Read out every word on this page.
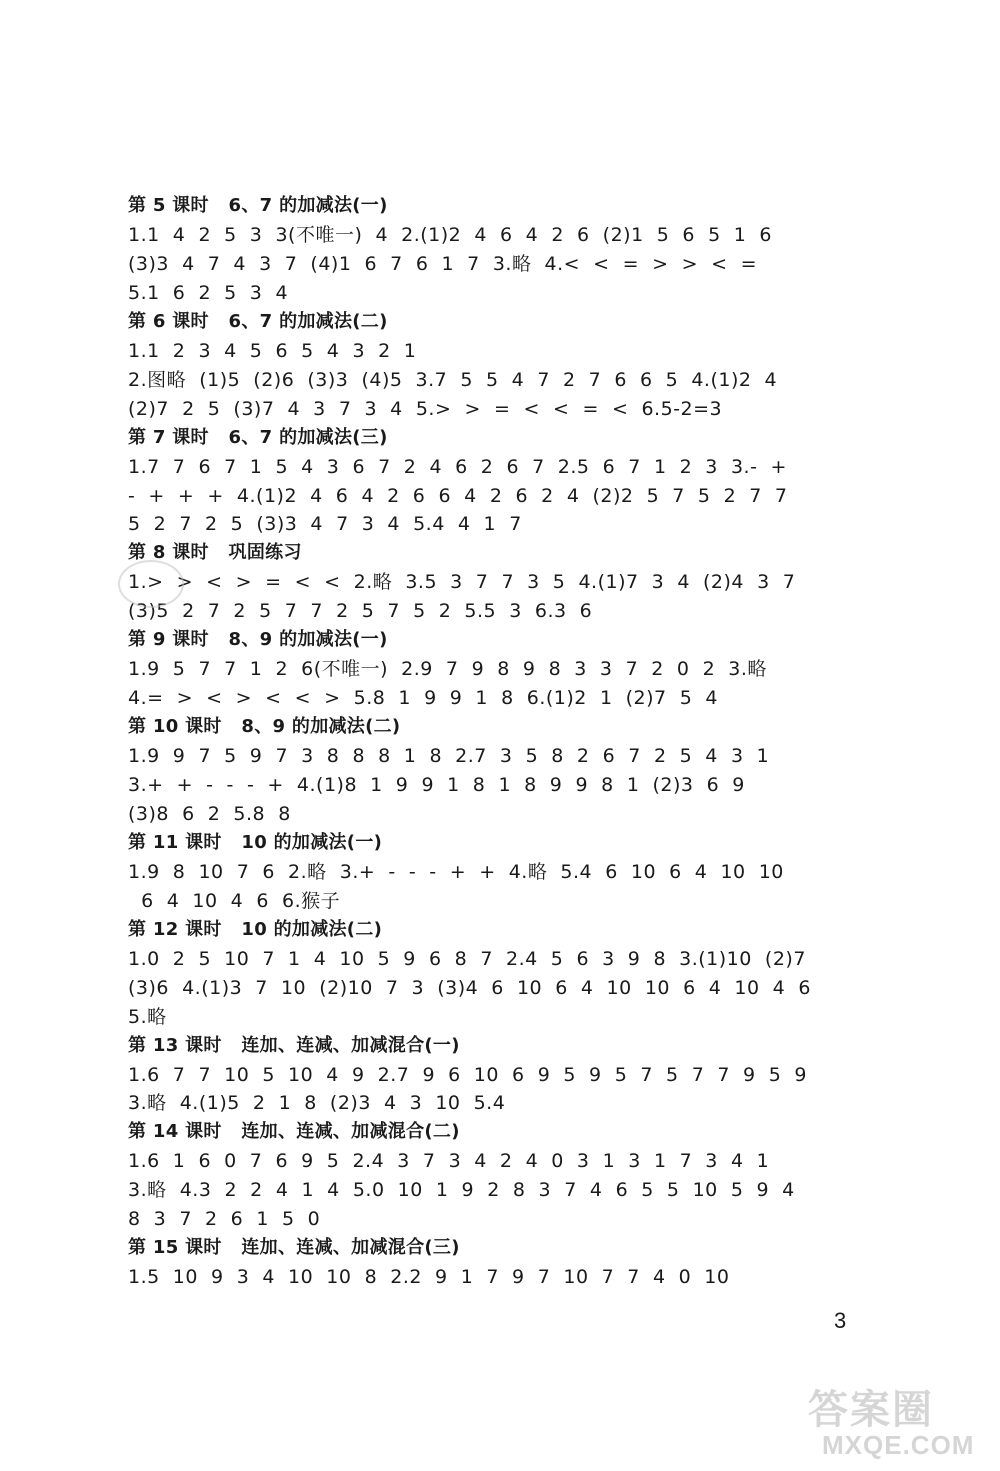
第 5 课时   6、7 的加减法(一)
1.1  4  2  5  3  3(不唯一)  4  2.(1)2  4  6  4  2  6  (2)1  5  6  5  1  6
(3)3  4  7  4  3  7  (4)1  6  7  6  1  7  3.略  4.<  <  =  >  >  <  =
5.1  6  2  5  3  4
第 6 课时   6、7 的加减法(二)
1.1  2  3  4  5  6  5  4  3  2  1
2.图略  (1)5  (2)6  (3)3  (4)5  3.7  5  5  4  7  2  7  6  6  5  4.(1)2  4
(2)7  2  5  (3)7  4  3  7  3  4  5.>  >  =  <  <  =  <  6.5-2=3
第 7 课时   6、7 的加减法(三)
1.7  7  6  7  1  5  4  3  6  7  2  4  6  2  6  7  2.5  6  7  1  2  3  3.-  +
-  +  +  +  4.(1)2  4  6  4  2  6  6  4  2  6  2  4  (2)2  5  7  5  2  7  7
5  2  7  2  5  (3)3  4  7  3  4  5.4  4  1  7
第 8 课时   巩固练习
1.>  >  <  >  =  <  <  2.略  3.5  3  7  7  3  5  4.(1)7  3  4  (2)4  3  7
(3)5  2  7  2  5  7  7  2  5  7  5  2  5.5  3  6.3  6
第 9 课时   8、9 的加减法(一)
1.9  5  7  7  1  2  6(不唯一)  2.9  7  9  8  9  8  3  3  7  2  0  2  3.略
4.=  >  <  >  <  <  >  5.8  1  9  9  1  8  6.(1)2  1  (2)7  5  4
第 10 课时   8、9 的加减法(二)
1.9  9  7  5  9  7  3  8  8  8  1  8  2.7  3  5  8  2  6  7  2  5  4  3  1
3.+  +  -  -  -  +  4.(1)8  1  9  9  1  8  1  8  9  9  8  1  (2)3  6  9
(3)8  6  2  5.8  8
第 11 课时   10 的加减法(一)
1.9  8  10  7  6  2.略  3.+  -  -  -  +  +  4.略  5.4  6  10  6  4  10  10
6  4  10  4  6  6.猴子
第 12 课时   10 的加减法(二)
1.0  2  5  10  7  1  4  10  5  9  6  8  7  2.4  5  6  3  9  8  3.(1)10  (2)7
(3)6  4.(1)3  7  10  (2)10  7  3  (3)4  6  10  6  4  10  10  6  4  10  4  6
5.略
第 13 课时   连加、连减、加减混合(一)
1.6  7  7  10  5  10  4  9  2.7  9  6  10  6  9  5  9  5  7  5  7  7  9  5  9
3.略  4.(1)5  2  1  8  (2)3  4  3  10  5.4
第 14 课时   连加、连减、加减混合(二)
1.6  1  6  0  7  6  9  5  2.4  3  7  3  4  2  4  0  3  1  3  1  7  3  4  1
3.略  4.3  2  2  4  1  4  5.0  10  1  9  2  8  3  7  4  6  5  5  10  5  9  4
8  3  7  2  6  1  5  0
第 15 课时   连加、连减、加减混合(三)
1.5  10  9  3  4  10  10  8  2.2  9  1  7  9  7  10  7  7  4  0  10
3
答案圈
MXQE.COM
